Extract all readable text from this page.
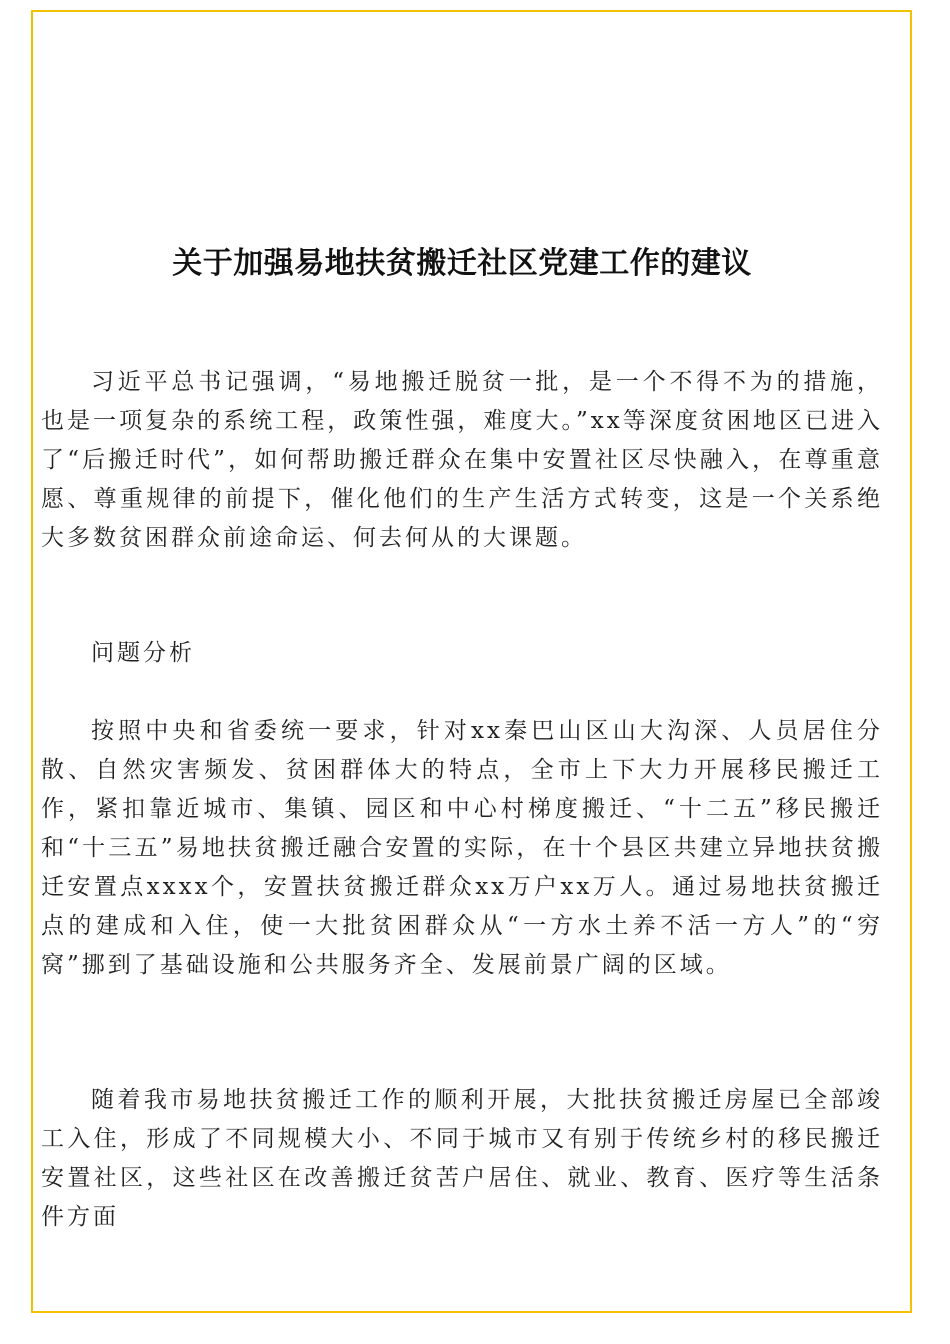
关于加强易地扶贫搬迁社区党建工作的建议

习近平总书记强调，“易地搬迁脱贫一批，是一个不得不为的措施，也是一项复杂的系统工程，政策性强，难度大。”xx等深度贫困地区已进入了“后搬迁时代”，如何帮助搬迁群众在集中安置社区尽快融入，在尊重意愿、尊重规律的前提下，催化他们的生产生活方式转变，这是一个关系绝大多数贫困群众前途命运、何去何从的大课题。

问题分析

按照中央和省委统一要求，针对xx秦巴山区山大沟深、人员居住分散、自然灾害频发、贫困群体大的特点，全市上下大力开展移民搬迁工作，紧扣靠近城市、集镇、园区和中心村梯度搬迁、“十二五”移民搬迁和“十三五”易地扶贫搬迁融合安置的实际，在十个县区共建立异地扶贫搬迁安置点xxxx个，安置扶贫搬迁群众xx万户xx万人。通过易地扶贫搬迁点的建成和入住，使一大批贫困群众从“一方水土养不活一方人”的“穷窝”挪到了基础设施和公共服务齐全、发展前景广阔的区域。

随着我市易地扶贫搬迁工作的顺利开展，大批扶贫搬迁房屋已全部竣工入住，形成了不同规模大小、不同于城市又有别于传统乡村的移民搬迁安置社区，这些社区在改善搬迁贫苦户居住、就业、教育、医疗等生活条件方面
